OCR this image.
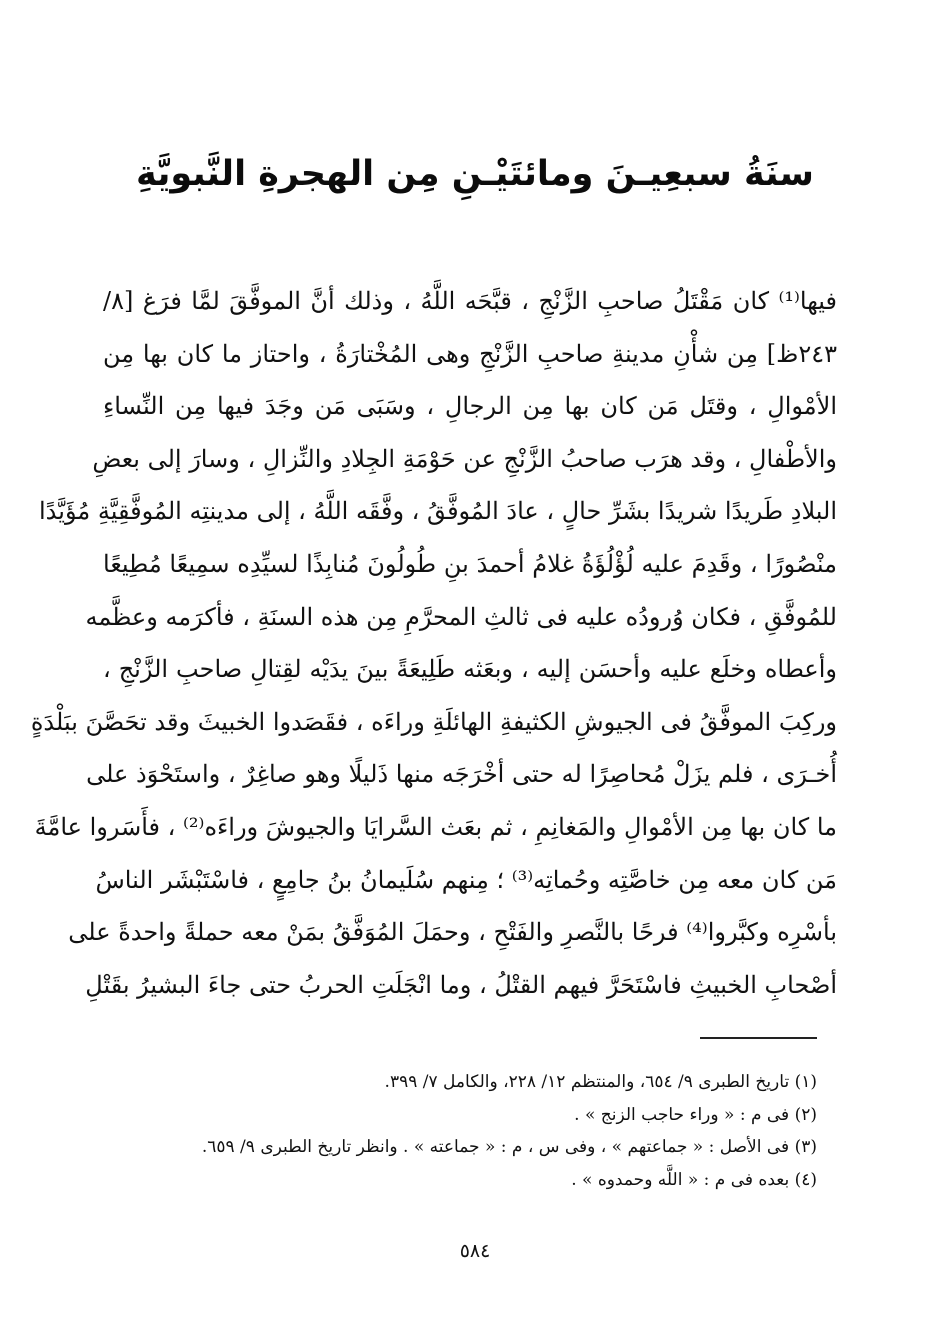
سنَةُ سبعِيـنَ ومائتَيْـنِ مِن الهجرةِ النَّبويَّةِ
فيها⁽¹⁾ كان مَقْتَلُ صاحبِ الزَّنْجِ ، قبَّحَه اللَّهُ ، وذلك أنَّ الموفَّقَ لمَّا فرَغ [٨/
٢٤٣ظ] مِن شأْنِ مدينةِ صاحبِ الزَّنْجِ وهى المُخْتارَةُ ، واحتاز ما كان بها مِن
الأمْوالِ ، وقتَل مَن كان بها مِن الرجالِ ، وسَبَى مَن وجَدَ فيها مِن النِّساءِ
والأطْفالِ ، وقد هرَب صاحبُ الزَّنْجِ عن حَوْمَةِ الجِلادِ والنِّزالِ ، وسارَ إلى بعضِ
البلادِ طَريدًا شريدًا بشَرِّ حالٍ ، عادَ المُوفَّقُ ، وفَّقَه اللَّهُ ، إلى مدينتِه المُوفَّقِيَّةِ مُؤَيَّدًا
منْصُورًا ، وقَدِمَ عليه لُؤْلُؤَةُ غلامُ أحمدَ بنِ طُولُونَ مُنابِذًا لسيِّدِه سمِيعًا مُطِيعًا
للمُوفَّقِ ، فكان وُرودُه عليه فى ثالثِ المحرَّمِ مِن هذه السنَةِ ، فأكرَمه وعظَّمه
وأعطاه وخلَع عليه وأحسَن إليه ، وبعَثه طَلِيعَةً بينَ يدَيْه لقِتالِ صاحبِ الزَّنْجِ ،
وركِبَ الموفَّقُ فى الجيوشِ الكثيفةِ الهائلَةِ وراءَه ، فقَصَدوا الخبيثَ وقد تحَصَّنَ ببَلْدَةٍ
أُخـرَى ، فلم يزَلْ مُحاصِرًا له حتى أخْرَجَه منها ذَليلًا وهو صاغِرٌ ، واستَحْوَذ على
ما كان بها مِن الأمْوالِ والمَغانِمِ ، ثم بعَث السَّرايَا والجيوشَ وراءَه⁽²⁾ ، فأَسَروا عامَّةَ
مَن كان معه مِن خاصَّتِه وحُماتِه⁽³⁾ ؛ مِنهم سُلَيمانُ بنُ جامِعٍ ، فاسْتَبْشَر الناسُ
بأسْرِه وكبَّروا⁽⁴⁾ فرحًا بالنَّصرِ والفَتْحِ ، وحمَلَ المُوَفَّقُ بمَنْ معه حملةً واحدةً على
أصْحابِ الخبيثِ فاسْتَحَرَّ فيهم القتْلُ ، وما انْجَلَتِ الحربُ حتى جاءَ البشيرُ بقَتْلِ
(١) تاريخ الطبرى ٩/ ٦٥٤، والمنتظم ١٢/ ٢٢٨، والكامل ٧/ ٣٩٩.
(٢) فى م : « وراء حاجب الزنج » .
(٣) فى الأصل : « جماعتهم » ، وفى س ، م : « جماعته » . وانظر تاريخ الطبرى ٩/ ٦٥٩.
(٤) بعده فى م : « اللَّه وحمدوه » .
٥٨٤
